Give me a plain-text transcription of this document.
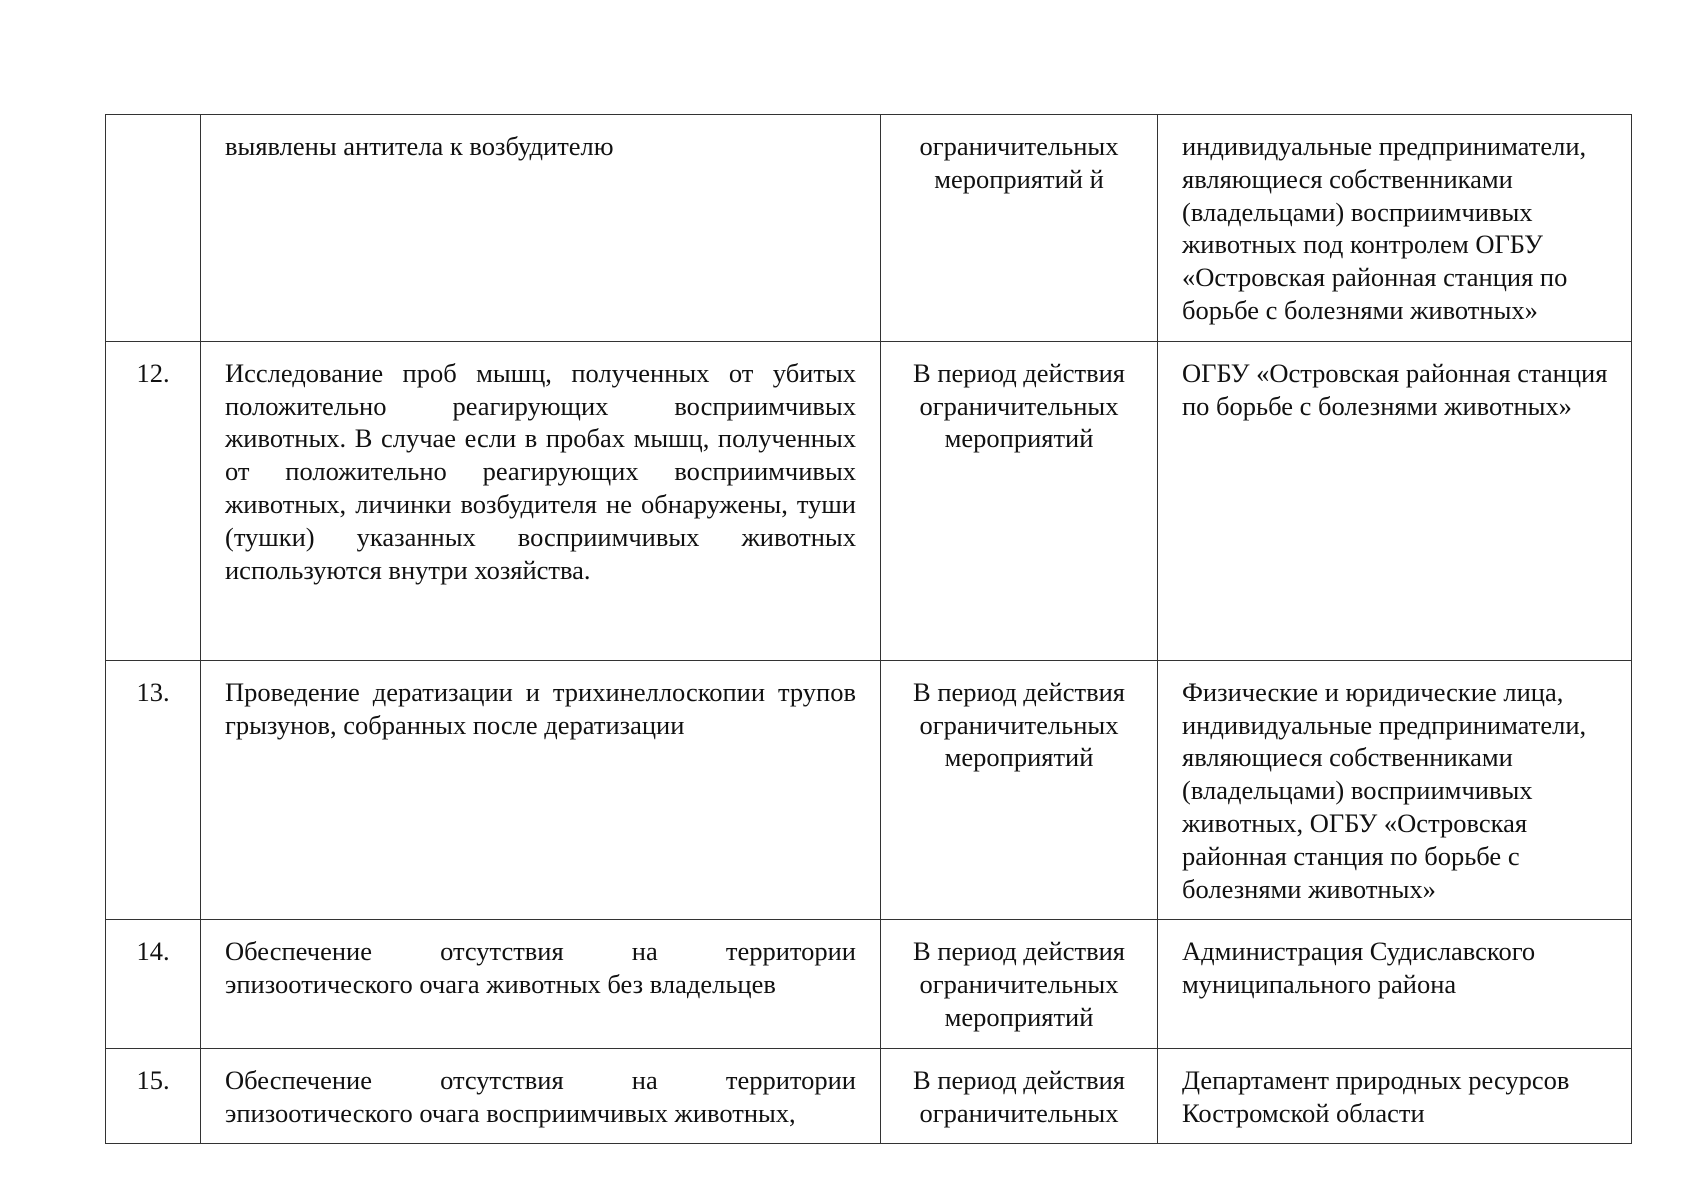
	выявлены антитела к возбудителю	ограничительных мероприятий й	индивидуальные предприниматели, являющиеся собственниками (владельцами) восприимчивых животных под контролем ОГБУ «Островская районная станция по борьбе с болезнями животных»
12.	Исследование проб мышц, полученных от убитых положительно реагирующих восприимчивых животных. В случае если в пробах мышц, полученных от положительно реагирующих восприимчивых животных, личинки возбудителя не обнаружены, туши (тушки) указанных восприимчивых животных используются внутри хозяйства.	В период действия ограничительных мероприятий	ОГБУ «Островская районная станция по борьбе с болезнями животных»
13.	Проведение дератизации и трихинеллоскопии трупов грызунов, собранных после дератизации	В период действия ограничительных мероприятий	Физические и юридические лица, индивидуальные предприниматели, являющиеся собственниками (владельцами) восприимчивых животных, ОГБУ «Островская районная станция по борьбе с болезнями животных»
14.	Обеспечение отсутствия на территории эпизоотического очага животных без владельцев	В период действия ограничительных мероприятий	Администрация Судиславского муниципального района
15.	Обеспечение отсутствия на территории эпизоотического очага восприимчивых животных,	В период действия ограничительных	Департамент природных ресурсов Костромской области
